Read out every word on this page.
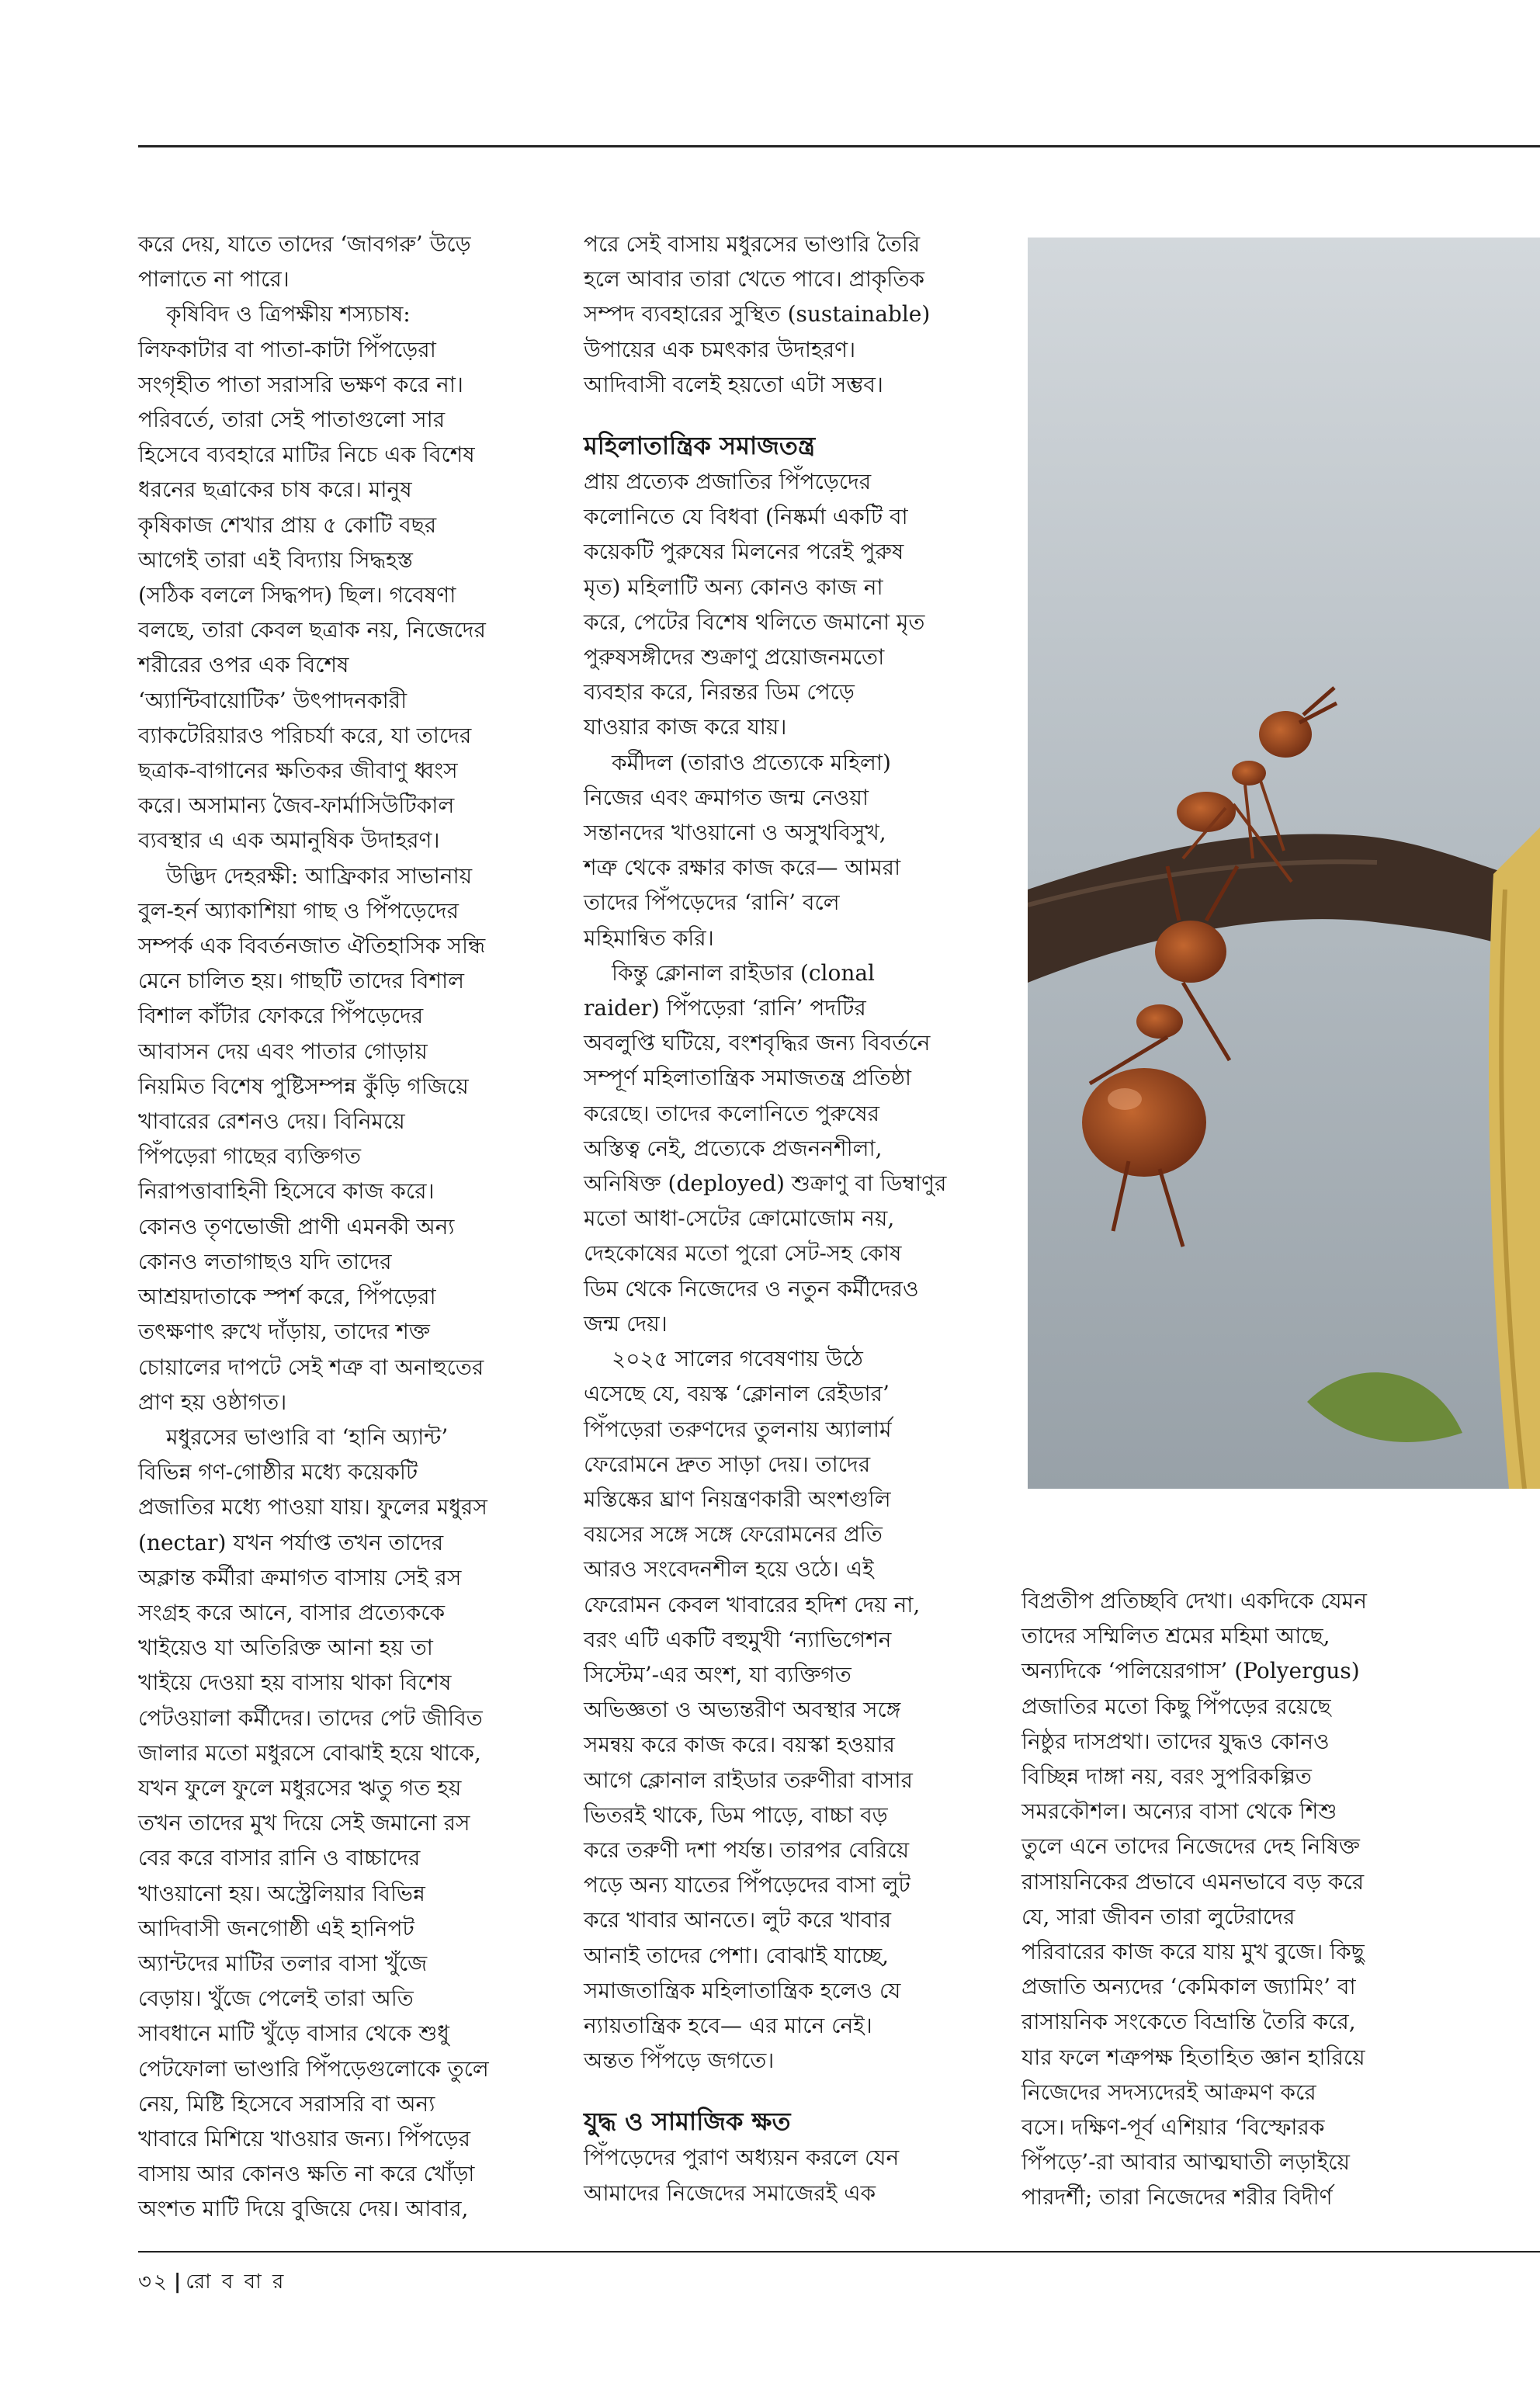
করে দেয়, যাতে তাদের ‘জাবগরু’ উড়ে

পালাতে না পারে।

কৃষিবিদ ও ত্রিপক্ষীয় শস্যচাষ:

লিফকাটার বা পাতা-কাটা পিঁপড়েরা

সংগৃহীত পাতা সরাসরি ভক্ষণ করে না।

পরিবর্তে, তারা সেই পাতাগুলো সার

হিসেবে ব্যবহারে মাটির নিচে এক বিশেষ

ধরনের ছত্রাকের চাষ করে। মানুষ

কৃষিকাজ শেখার প্রায় ৫ কোটি বছর

আগেই তারা এই বিদ্যায় সিদ্ধহস্ত

(সঠিক বললে সিদ্ধপদ) ছিল। গবেষণা

বলছে, তারা কেবল ছত্রাক নয়, নিজেদের

শরীরের ওপর এক বিশেষ

‘অ্যান্টিবায়োটিক’ উৎপাদনকারী

ব্যাকটেরিয়ারও পরিচর্যা করে, যা তাদের

ছত্রাক-বাগানের ক্ষতিকর জীবাণু ধ্বংস

করে। অসামান্য জৈব-ফার্মাসিউটিকাল

ব্যবস্থার এ এক অমানুষিক উদাহরণ।

উদ্ভিদ দেহরক্ষী: আফ্রিকার সাভানায়

বুল-হর্ন অ্যাকাশিয়া গাছ ও পিঁপড়েদের

সম্পর্ক এক বিবর্তনজাত ঐতিহাসিক সন্ধি

মেনে চালিত হয়। গাছটি তাদের বিশাল

বিশাল কাঁটার ফোকরে পিঁপড়েদের

আবাসন দেয় এবং পাতার গোড়ায়

নিয়মিত বিশেষ পুষ্টিসম্পন্ন কুঁড়ি গজিয়ে

খাবারের রেশনও দেয়। বিনিময়ে

পিঁপড়েরা গাছের ব্যক্তিগত

নিরাপত্তাবাহিনী হিসেবে কাজ করে।

কোনও তৃণভোজী প্রাণী এমনকী অন্য

কোনও লতাগাছও যদি তাদের

আশ্রয়দাতাকে স্পর্শ করে, পিঁপড়েরা

তৎক্ষণাৎ রুখে দাঁড়ায়, তাদের শক্ত

চোয়ালের দাপটে সেই শত্রু বা অনাহুতের

প্রাণ হয় ওষ্ঠাগত।

মধুরসের ভাণ্ডারি বা ‘হানি অ্যান্ট’

বিভিন্ন গণ-গোষ্ঠীর মধ্যে কয়েকটি

প্রজাতির মধ্যে পাওয়া যায়। ফুলের মধুরস

(nectar) যখন পর্যাপ্ত তখন তাদের

অক্লান্ত কর্মীরা ক্রমাগত বাসায় সেই রস

সংগ্রহ করে আনে, বাসার প্রত্যেককে

খাইয়েও যা অতিরিক্ত আনা হয় তা

খাইয়ে দেওয়া হয় বাসায় থাকা বিশেষ

পেটওয়ালা কর্মীদের। তাদের পেট জীবিত

জালার মতো মধুরসে বোঝাই হয়ে থাকে,

যখন ফুলে ফুলে মধুরসের ঋতু গত হয়

তখন তাদের মুখ দিয়ে সেই জমানো রস

বের করে বাসার রানি ও বাচ্চাদের

খাওয়ানো হয়। অস্ট্রেলিয়ার বিভিন্ন

আদিবাসী জনগোষ্ঠী এই হানিপট

অ্যান্টদের মাটির তলার বাসা খুঁজে

বেড়ায়। খুঁজে পেলেই তারা অতি

সাবধানে মাটি খুঁড়ে বাসার থেকে শুধু

পেটফোলা ভাণ্ডারি পিঁপড়েগুলোকে তুলে

নেয়, মিষ্টি হিসেবে সরাসরি বা অন্য

খাবারে মিশিয়ে খাওয়ার জন্য। পিঁপড়ের

বাসায় আর কোনও ক্ষতি না করে খোঁড়া

অংশত মাটি দিয়ে বুজিয়ে দেয়। আবার,

পরে সেই বাসায় মধুরসের ভাণ্ডারি তৈরি

হলে আবার তারা খেতে পাবে। প্রাকৃতিক

সম্পদ ব্যবহারের সুস্থিত (sustainable)

উপায়ের এক চমৎকার উদাহরণ।

আদিবাসী বলেই হয়তো এটা সম্ভব।

মহিলাতান্ত্রিক সমাজতন্ত্র

প্রায় প্রত্যেক প্রজাতির পিঁপড়েদের

কলোনিতে যে বিধবা (নিষ্কর্মা একটি বা

কয়েকটি পুরুষের মিলনের পরেই পুরুষ

মৃত) মহিলাটি অন্য কোনও কাজ না

করে, পেটের বিশেষ থলিতে জমানো মৃত

পুরুষসঙ্গীদের শুক্রাণু প্রয়োজনমতো

ব্যবহার করে, নিরন্তর ডিম পেড়ে

যাওয়ার কাজ করে যায়।

কর্মীদল (তারাও প্রত্যেকে মহিলা)

নিজের এবং ক্রমাগত জন্ম নেওয়া

সন্তানদের খাওয়ানো ও অসুখবিসুখ,

শত্রু থেকে রক্ষার কাজ করে— আমরা

তাদের পিঁপড়েদের ‘রানি’ বলে

মহিমান্বিত করি।

কিন্তু ক্লোনাল রাইডার (clonal

raider) পিঁপড়েরা ‘রানি’ পদটির

অবলুপ্তি ঘটিয়ে, বংশবৃদ্ধির জন্য বিবর্তনে

সম্পূর্ণ মহিলাতান্ত্রিক সমাজতন্ত্র প্রতিষ্ঠা

করেছে। তাদের কলোনিতে পুরুষের

অস্তিত্ব নেই, প্রত্যেকে প্রজননশীলা,

অনিষিক্ত (deployed) শুক্রাণু বা ডিম্বাণুর

মতো আধা-সেটের ক্রোমোজোম নয়,

দেহকোষের মতো পুরো সেট-সহ কোষ

ডিম থেকে নিজেদের ও নতুন কর্মীদেরও

জন্ম দেয়।

২০২৫ সালের গবেষণায় উঠে

এসেছে যে, বয়স্ক ‘ক্লোনাল রেইডার’

পিঁপড়েরা তরুণদের তুলনায় অ্যালার্ম

ফেরোমনে দ্রুত সাড়া দেয়। তাদের

মস্তিষ্কের ঘ্রাণ নিয়ন্ত্রণকারী অংশগুলি

বয়সের সঙ্গে সঙ্গে ফেরোমনের প্রতি

আরও সংবেদনশীল হয়ে ওঠে। এই

ফেরোমন কেবল খাবারের হদিশ দেয় না,

বরং এটি একটি বহুমুখী ‘ন্যাভিগেশন

সিস্টেম’-এর অংশ, যা ব্যক্তিগত

অভিজ্ঞতা ও অভ্যন্তরীণ অবস্থার সঙ্গে

সমন্বয় করে কাজ করে। বয়স্কা হওয়ার

আগে ক্লোনাল রাইডার তরুণীরা বাসার

ভিতরই থাকে, ডিম পাড়ে, বাচ্চা বড়

করে তরুণী দশা পর্যন্ত। তারপর বেরিয়ে

পড়ে অন্য যাতের পিঁপড়েদের বাসা লুট

করে খাবার আনতে। লুট করে খাবার

আনাই তাদের পেশা। বোঝাই যাচ্ছে,

সমাজতান্ত্রিক মহিলাতান্ত্রিক হলেও যে

ন্যায়তান্ত্রিক হবে— এর মানে নেই।

অন্তত পিঁপড়ে জগতে।

যুদ্ধ ও সামাজিক ক্ষত

পিঁপড়েদের পুরাণ অধ্যয়ন করলে যেন

আমাদের নিজেদের সমাজেরই এক

বিপ্রতীপ প্রতিচ্ছবি দেখা। একদিকে যেমন

তাদের সম্মিলিত শ্রমের মহিমা আছে,

অন্যদিকে ‘পলিয়েরগাস’ (Polyergus)

প্রজাতির মতো কিছু পিঁপড়ের রয়েছে

নিষ্ঠুর দাসপ্রথা। তাদের যুদ্ধও কোনও

বিচ্ছিন্ন দাঙ্গা নয়, বরং সুপরিকল্পিত

সমরকৌশল। অন্যের বাসা থেকে শিশু

তুলে এনে তাদের নিজেদের দেহ নিষিক্ত

রাসায়নিকের প্রভাবে এমনভাবে বড় করে

যে, সারা জীবন তারা লুটেরাদের

পরিবারের কাজ করে যায় মুখ বুজে। কিছু

প্রজাতি অন্যদের ‘কেমিকাল জ্যামিং’ বা

রাসায়নিক সংকেতে বিভ্রান্তি তৈরি করে,

যার ফলে শত্রুপক্ষ হিতাহিত জ্ঞান হারিয়ে

নিজেদের সদস্যদেরই আক্রমণ করে

বসে। দক্ষিণ-পূর্ব এশিয়ার ‘বিস্ফোরক

পিঁপড়ে’-রা আবার আত্মঘাতী লড়াইয়ে

পারদর্শী; তারা নিজেদের শরীর বিদীর্ণ

৩২ | রো ব বা র
